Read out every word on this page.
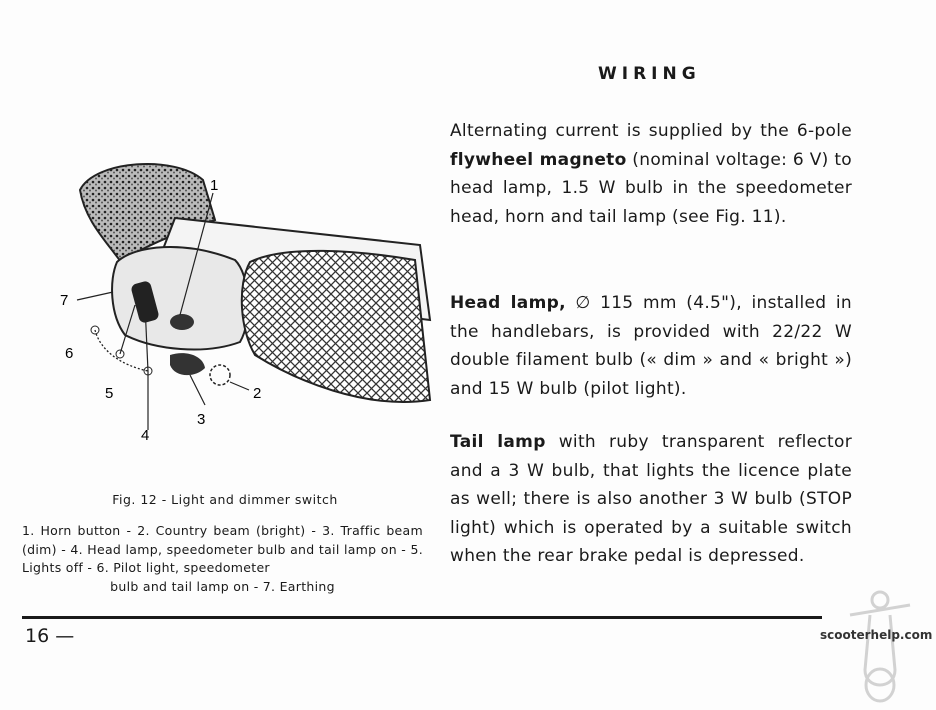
WIRING
Alternating current is supplied by the 6-pole flywheel magneto (nominal voltage: 6 V) to head lamp, 1.5 W bulb in the speedometer head, horn and tail lamp (see Fig. 11).
Head lamp, ∅ 115 mm (4.5"), installed in the handlebars, is provided with 22/22 W double filament bulb (« dim » and « bright ») and 15 W bulb (pilot light).
Tail lamp with ruby transparent reflector and a 3 W bulb, that lights the licence plate as well; there is also another 3 W bulb (STOP light) which is operated by a suitable switch when the rear brake pedal is depressed.
1
2
3
4
5
6
7
Fig. 12 - Light and dimmer switch
1. Horn button - 2. Country beam (bright) - 3. Traffic beam (dim) - 4. Head lamp, speedometer bulb and tail lamp on - 5. Lights off - 6. Pilot light, speedometer
bulb and tail lamp on - 7. Earthing
16 —	scooterhelp.com
